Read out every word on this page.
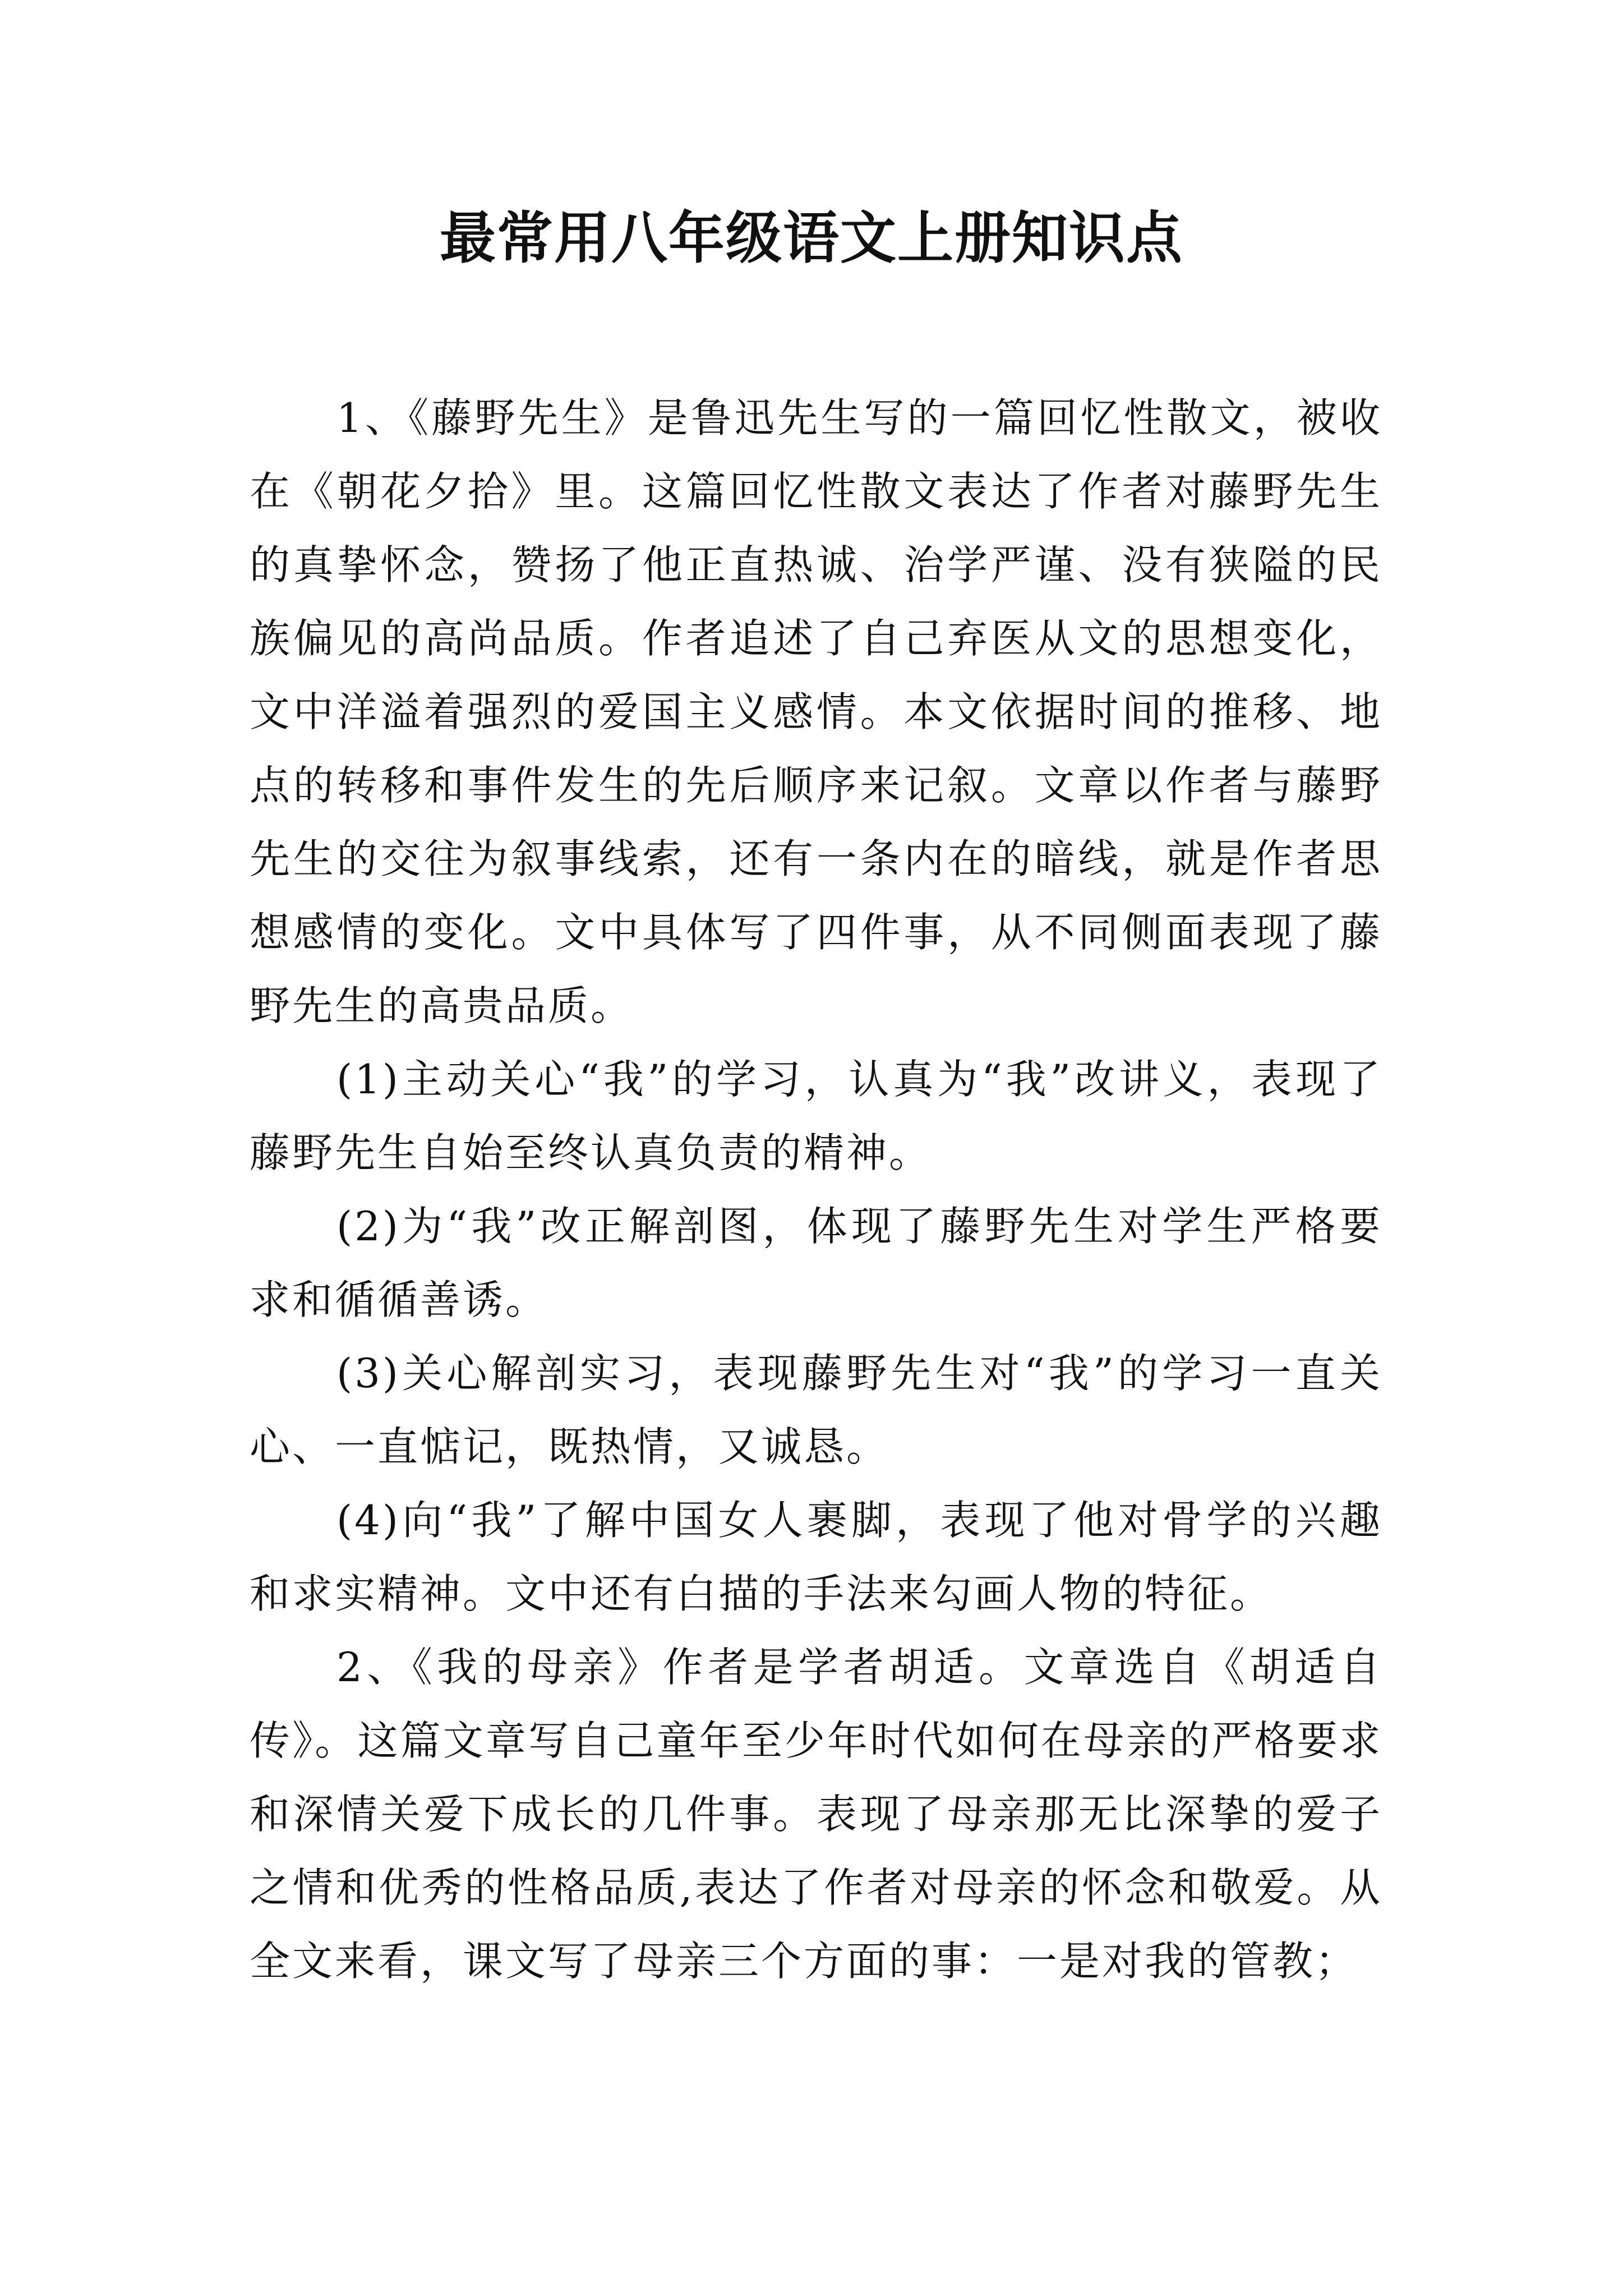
最常用八年级语文上册知识点

1、《藤野先生》是鲁迅先生写的一篇回忆性散文，被收在《朝花夕拾》里。这篇回忆性散文表达了作者对藤野先生的真挚怀念，赞扬了他正直热诚、治学严谨、没有狭隘的民族偏见的高尚品质。作者追述了自己弃医从文的思想变化，文中洋溢着强烈的爱国主义感情。本文依据时间的推移、地点的转移和事件发生的先后顺序来记叙。文章以作者与藤野先生的交往为叙事线索，还有一条内在的暗线，就是作者思想感情的变化。文中具体写了四件事，从不同侧面表现了藤野先生的高贵品质。

(1)主动关心“我”的学习，认真为“我”改讲义，表现了藤野先生自始至终认真负责的精神。

(2)为“我”改正解剖图，体现了藤野先生对学生严格要求和循循善诱。

(3)关心解剖实习，表现藤野先生对“我”的学习一直关心、一直惦记，既热情，又诚恳。

(4)向“我”了解中国女人裹脚，表现了他对骨学的兴趣和求实精神。文中还有白描的手法来勾画人物的特征。

2、《我的母亲》作者是学者胡适。文章选自《胡适自传》。这篇文章写自己童年至少年时代如何在母亲的严格要求和深情关爱下成长的几件事。表现了母亲那无比深挚的爱子之情和优秀的性格品质,表达了作者对母亲的怀念和敬爱。从全文来看，课文写了母亲三个方面的事：一是对我的管教；
